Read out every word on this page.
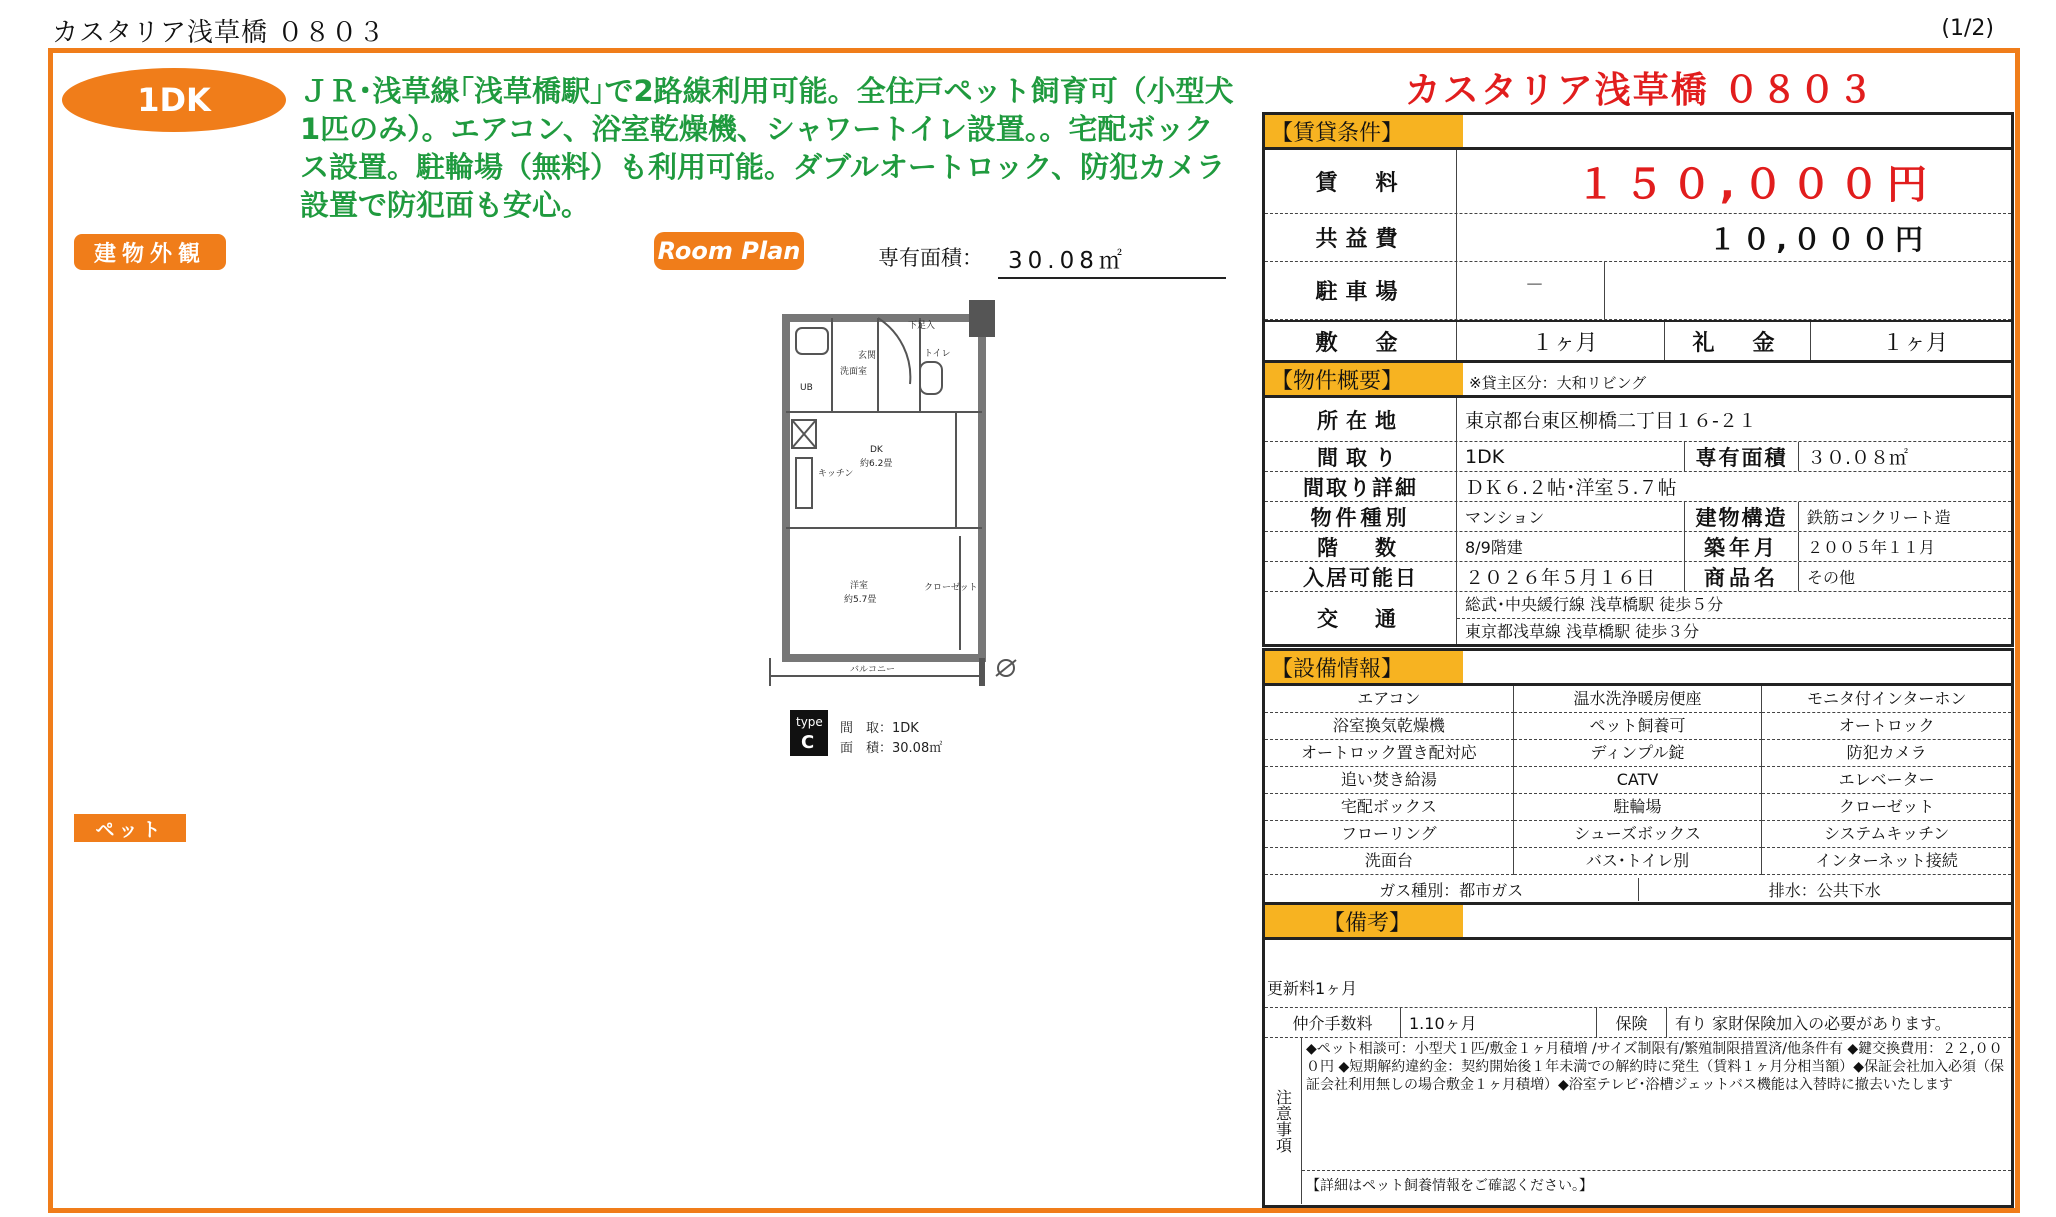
カスタリア浅草橋 ０８０３	(1/2)
1DK	ＪＲ･浅草線｢浅草橋駅｣で2路線利用可能。全住戸ペット飼育可（小型犬1匹のみ）。エアコン、浴室乾燥機、シャワートイレ設置。。宅配ボックス設置。駐輪場（無料）も利用可能。ダブルオートロック、防犯カメラ設置で防犯面も安心。
建物外観	Room Plan	専有面積：	30.08㎡
ペット
玄関
洗面室
UB
トイレ
下足入
DK
約6.2畳
キッチン
洋室
約5.7畳
クローゼット
バルコニー
type
C
間　取：1DK
面　積：30.08㎡
カスタリア浅草橋 ０８０３
【賃貸条件】
賃　料	１５０,０００円
共益費	１０,０００円
駐車場	－
敷　金	１ヶ月	礼　金	１ヶ月
【物件概要】	※貸主区分：大和リビング
所在地	東京都台東区柳橋二丁目１６-２１
間取り	1DK	専有面積	３０.０８㎡
間取り詳細	ＤＫ６.２帖･洋室５.７帖
物件種別	マンション	建物構造	鉄筋コンクリート造
階　数	8/9階建	築年月	２００５年１１月
入居可能日	２０２６年５月１６日	商品名	その他
交　通
総武･中央緩行線 浅草橋駅 徒歩５分
東京都浅草線 浅草橋駅 徒歩３分
【設備情報】
エアコン	温水洗浄暖房便座	モニタ付インターホン
浴室換気乾燥機	ペット飼養可	オートロック
オートロック置き配対応	ディンプル錠	防犯カメラ
追い焚き給湯	CATV	エレベーター
宅配ボックス	駐輪場	クローゼット
フローリング	シューズボックス	システムキッチン
洗面台	バス･トイレ別	インターネット接続
ガス種別：都市ガス	排水：公共下水
【備考】
更新料1ヶ月
仲介手数料	1.10ヶ月	保険	有り 家財保険加入の必要があります。
注意事項
◆ペット相談可：小型犬１匹/敷金１ヶ月積増 /サイズ制限有/繁殖制限措置済/他条件有 ◆鍵交換費用：２２,０００円 ◆短期解約違約金：契約開始後１年未満での解約時に発生（賃料１ヶ月分相当額）◆保証会社加入必須（保証会社利用無しの場合敷金１ヶ月積増）◆浴室テレビ･浴槽ジェットバス機能は入替時に撤去いたします
【詳細はペット飼養情報をご確認ください。】
